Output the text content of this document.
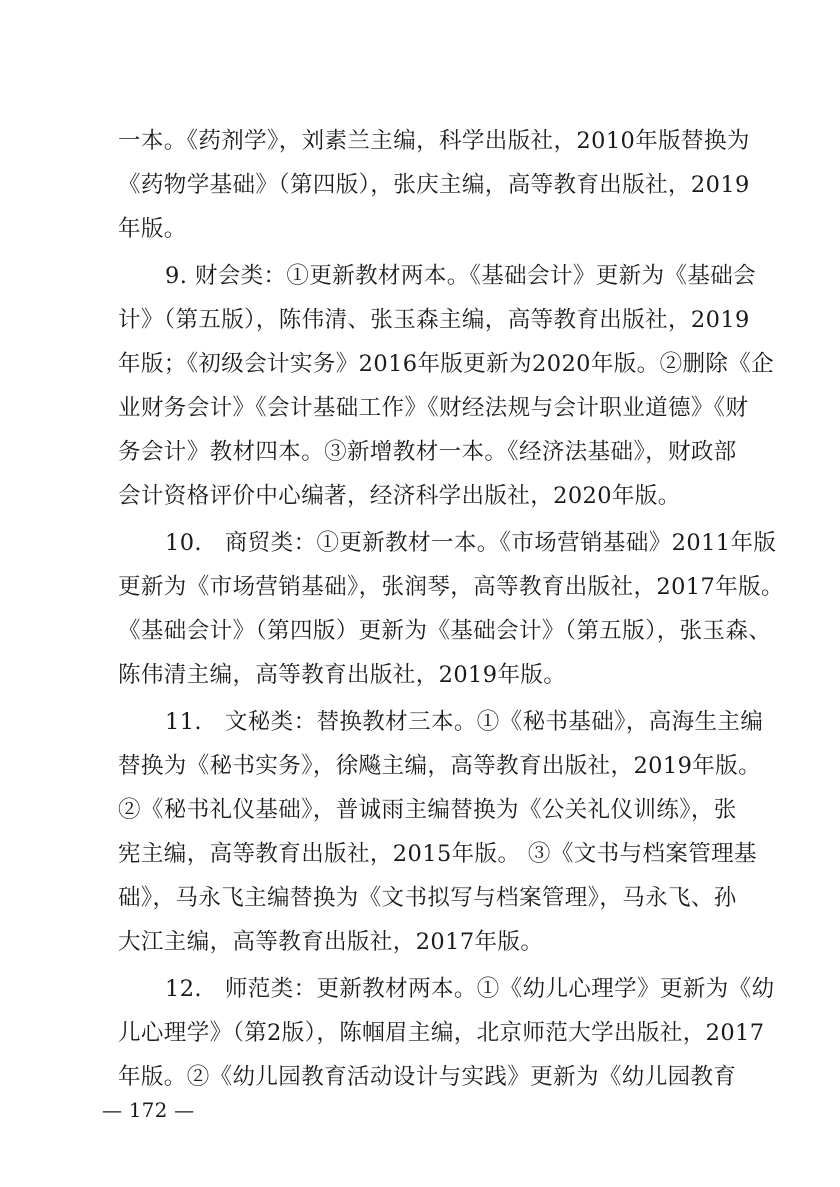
一本。《药剂学》，刘素兰主编，科学出版社，2010年版替换为
《药物学基础》（第四版），张庆主编，高等教育出版社，2019
年版。
9. 财会类：①更新教材两本。《基础会计》更新为《基础会
计》（第五版），陈伟清、张玉森主编，高等教育出版社，2019
年版；《初级会计实务》2016年版更新为2020年版。②删除《企
业财务会计》《会计基础工作》《财经法规与会计职业道德》《财
务会计》教材四本。③新增教材一本。《经济法基础》，财政部
会计资格评价中心编著，经济科学出版社，2020年版。
10.　商贸类：①更新教材一本。《市场营销基础》2011年版
更新为《市场营销基础》，张润琴，高等教育出版社，2017年版。
《基础会计》（第四版）更新为《基础会计》（第五版），张玉森、
陈伟清主编，高等教育出版社，2019年版。
11.　文秘类：替换教材三本。①《秘书基础》，高海生主编
替换为《秘书实务》，徐飚主编，高等教育出版社，2019年版。
②《秘书礼仪基础》，普诚雨主编替换为《公关礼仪训练》，张
宪主编，高等教育出版社，2015年版。 ③《文书与档案管理基
础》，马永飞主编替换为《文书拟写与档案管理》，马永飞、孙
大江主编，高等教育出版社，2017年版。
12.　师范类：更新教材两本。①《幼儿心理学》更新为《幼
儿心理学》（第2版），陈帼眉主编，北京师范大学出版社，2017
年版。②《幼儿园教育活动设计与实践》更新为《幼儿园教育
— 172 —
